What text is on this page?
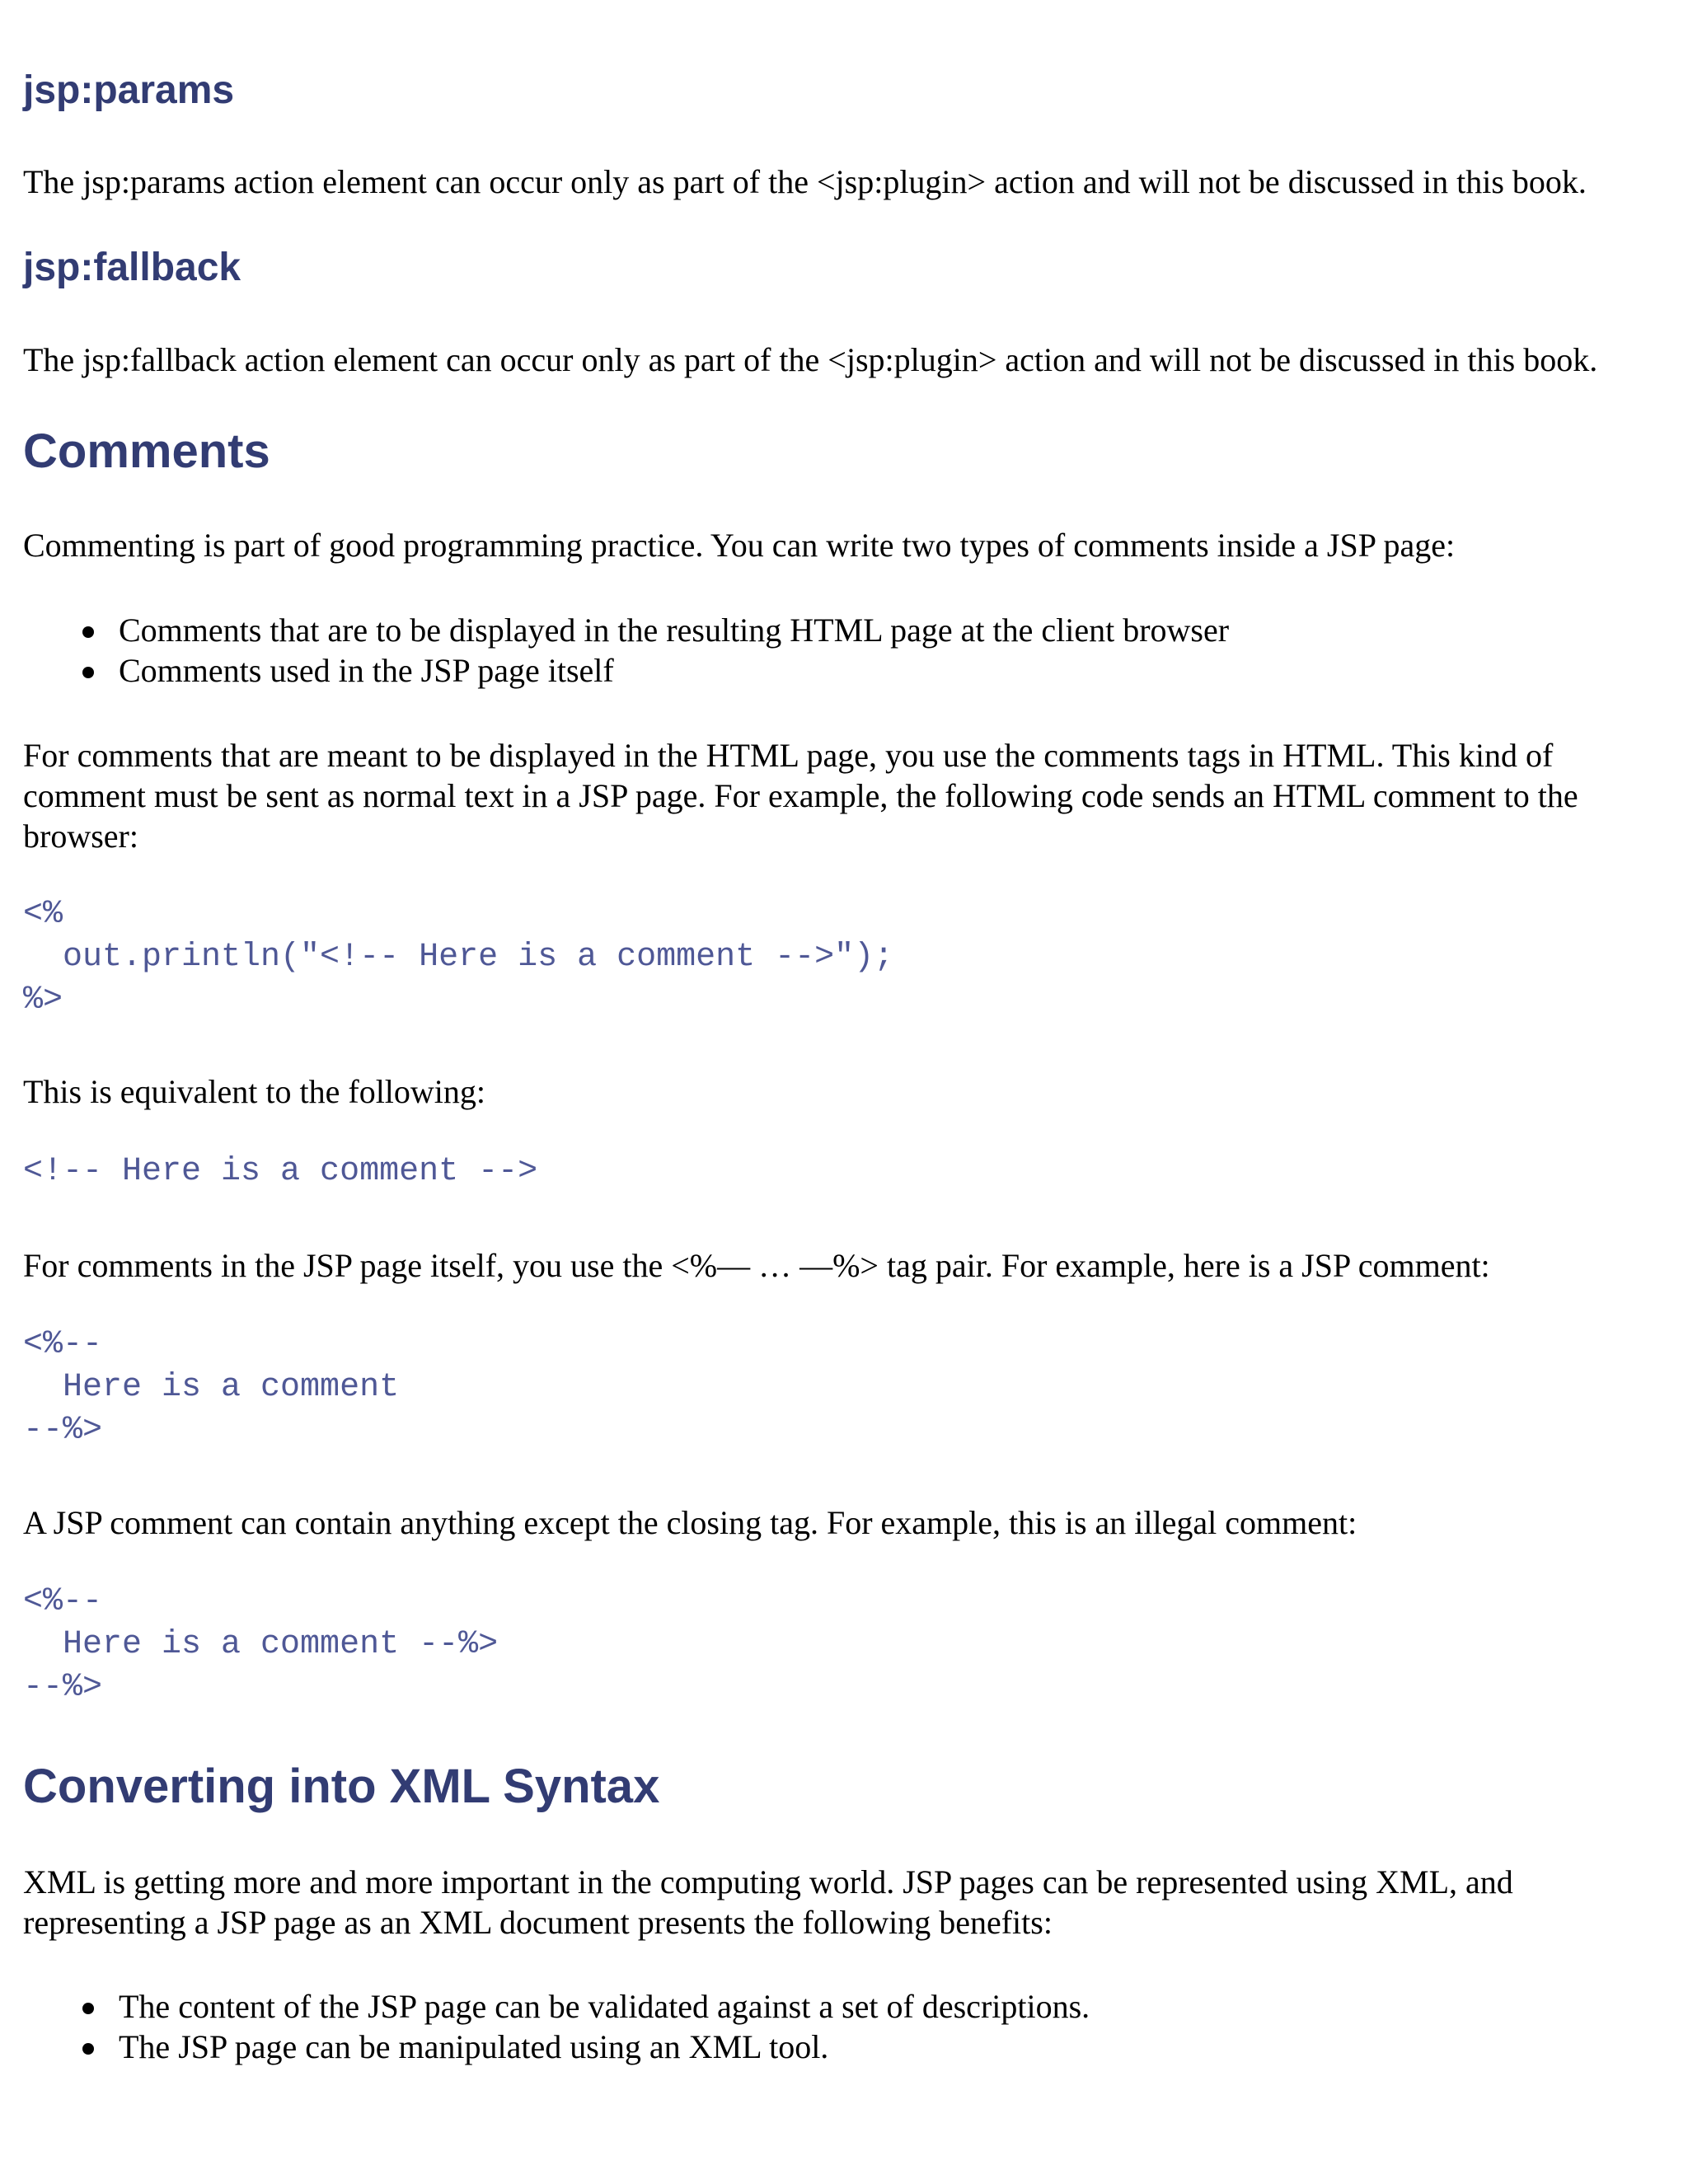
jsp:params

The jsp:params action element can occur only as part of the <jsp:plugin> action and will not be discussed in this book.

jsp:fallback

The jsp:fallback action element can occur only as part of the <jsp:plugin> action and will not be discussed in this book.

Comments

Commenting is part of good programming practice. You can write two types of comments inside a JSP page:

Comments that are to be displayed in the resulting HTML page at the client browser
Comments used in the JSP page itself

For comments that are meant to be displayed in the HTML page, you use the comments tags in HTML. This kind of

comment must be sent as normal text in a JSP page. For example, the following code sends an HTML comment to the

browser:

<%
out.println("<!-- Here is a comment -->");
%>

This is equivalent to the following:

<!-- Here is a comment -->

For comments in the JSP page itself, you use the <%— … —%> tag pair. For example, here is a JSP comment:

<%--
Here is a comment
--%>

A JSP comment can contain anything except the closing tag. For example, this is an illegal comment:

<%--
Here is a comment --%>
--%>
Converting into XML Syntax

XML is getting more and more important in the computing world. JSP pages can be represented using XML, and

representing a JSP page as an XML document presents the following benefits:

The content of the JSP page can be validated against a set of descriptions.
The JSP page can be manipulated using an XML tool.
